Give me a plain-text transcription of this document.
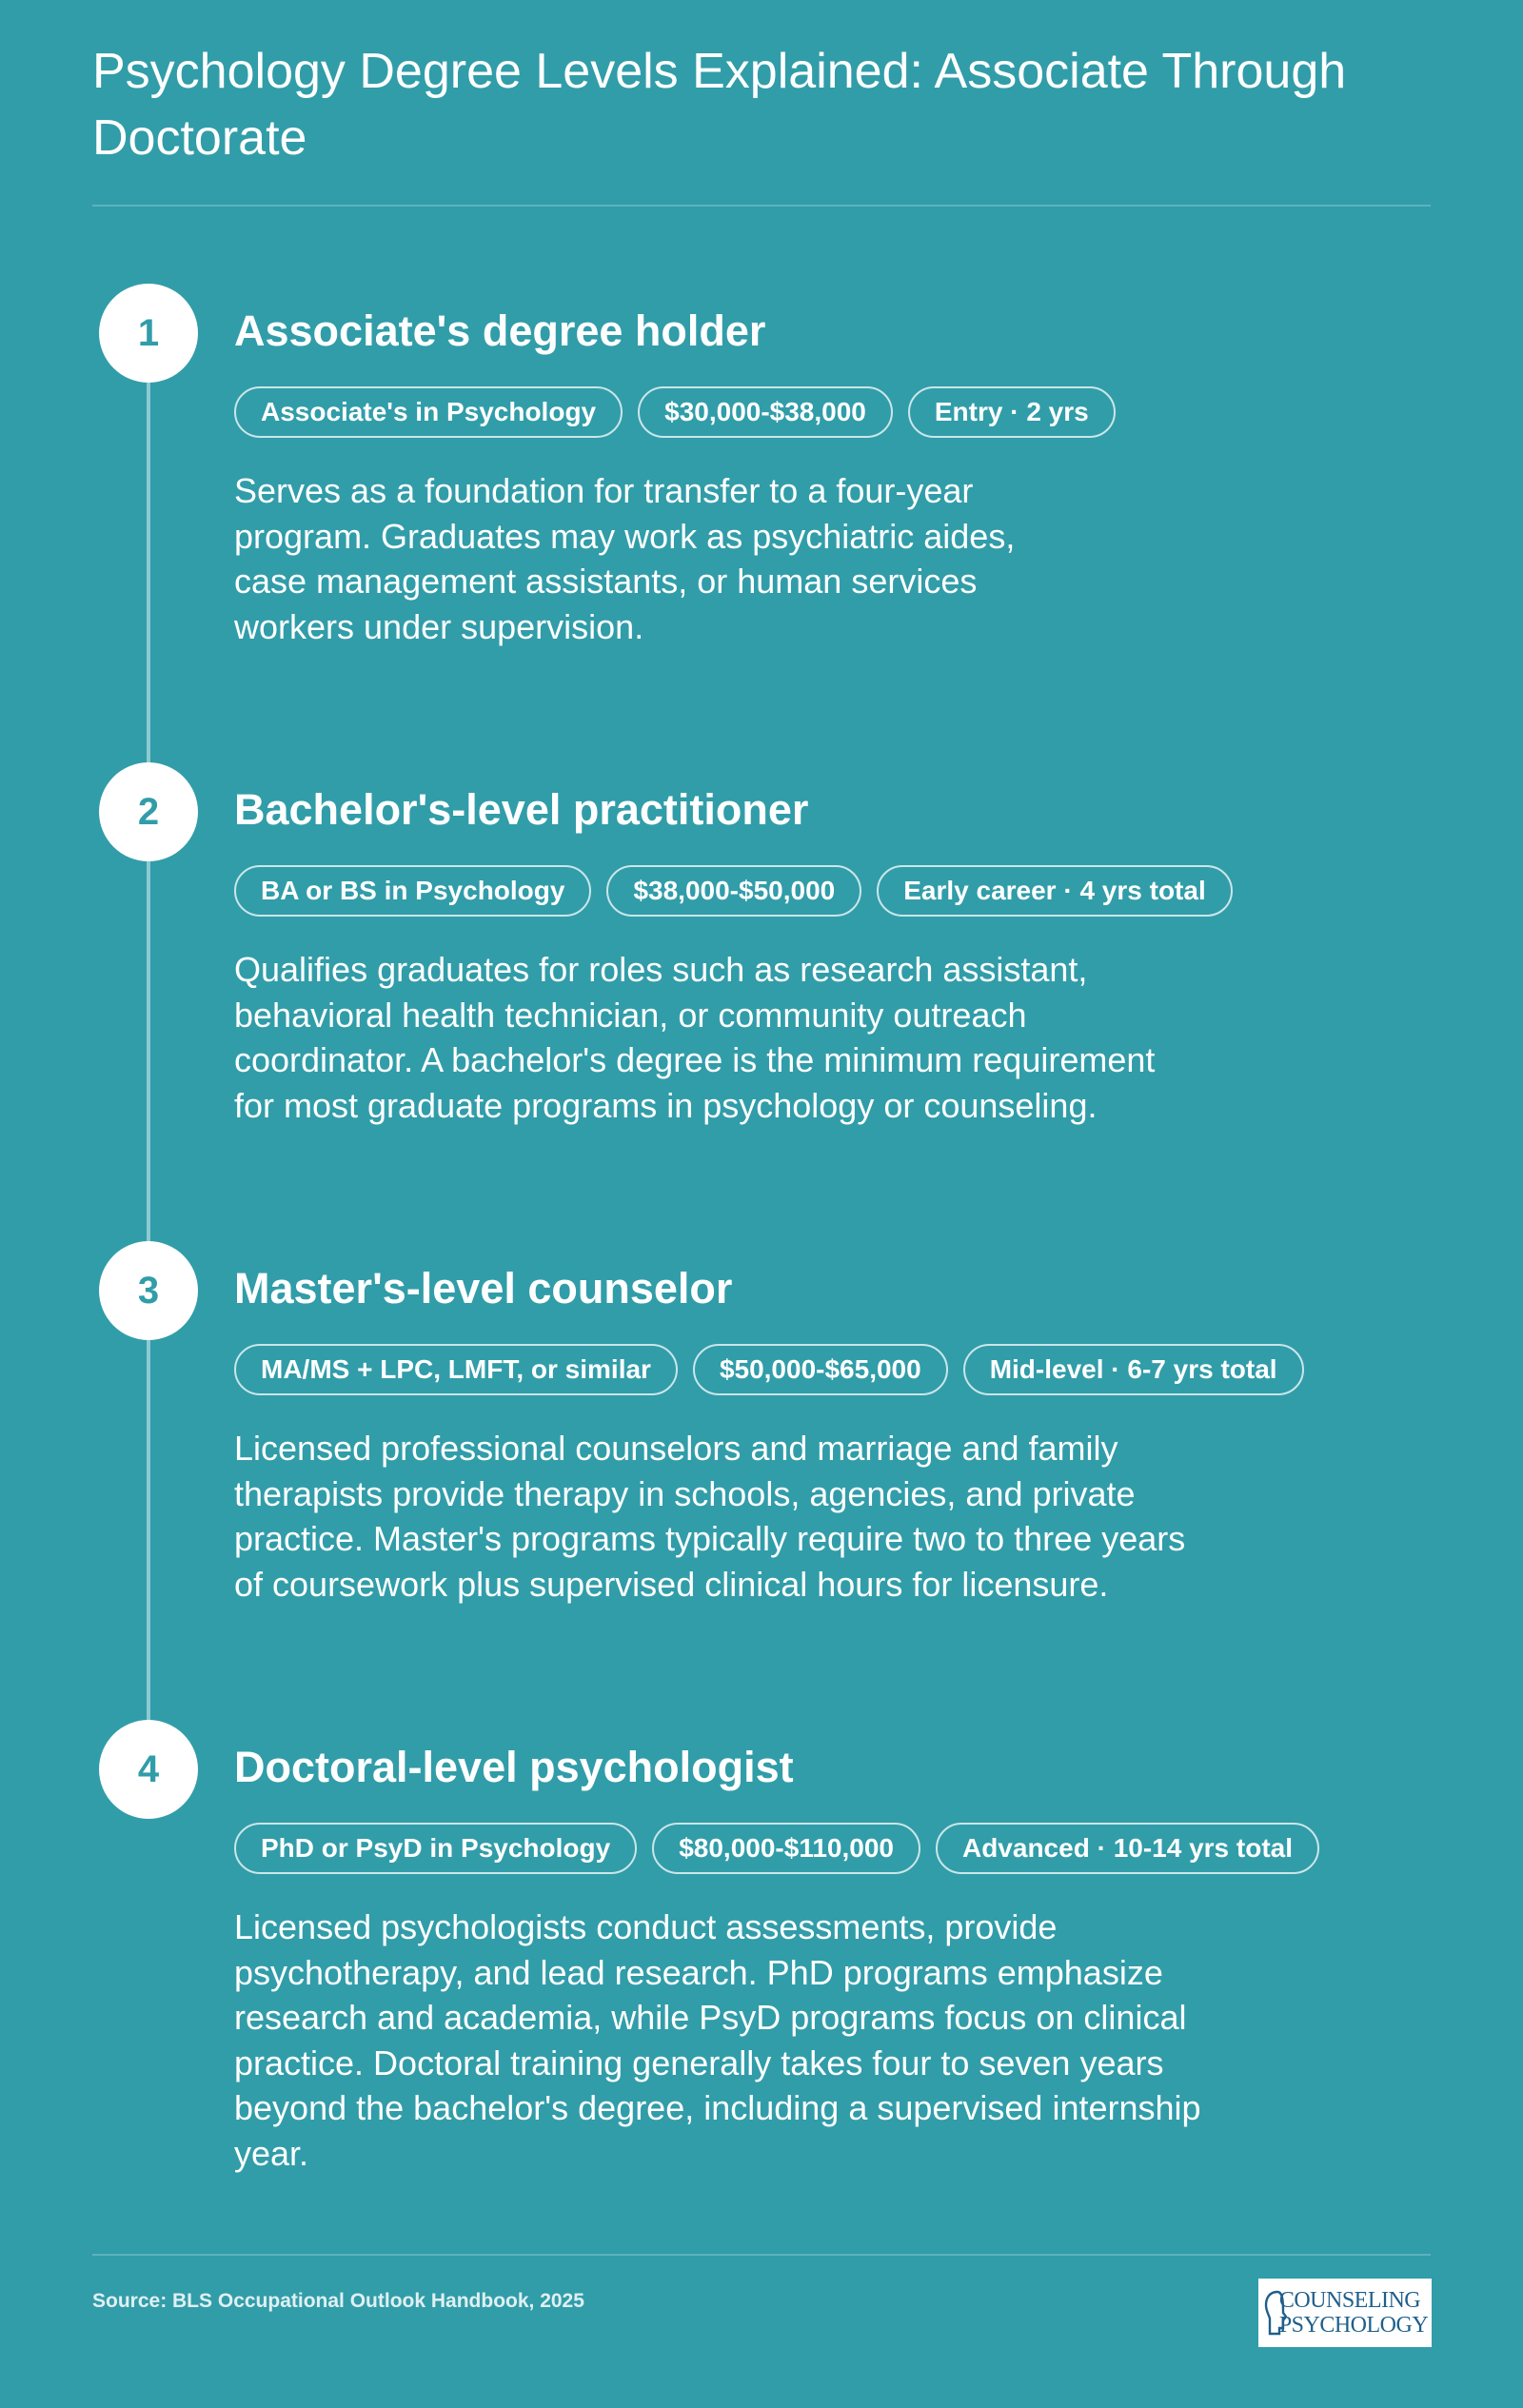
Psychology Degree Levels Explained: Associate Through Doctorate
1	Associate's degree holder
Associate's in Psychology	$30,000-$38,000	Entry · 2 yrs

Serves as a foundation for transfer to a four-year program. Graduates may work as psychiatric aides, case management assistants, or human services workers under supervision.

2	Bachelor's-level practitioner
BA or BS in Psychology	$38,000-$50,000	Early career · 4 yrs total

Qualifies graduates for roles such as research assistant, behavioral health technician, or community outreach coordinator. A bachelor's degree is the minimum requirement for most graduate programs in psychology or counseling.

3	Master's-level counselor
MA/MS + LPC, LMFT, or similar	$50,000-$65,000	Mid-level · 6-7 yrs total

Licensed professional counselors and marriage and family therapists provide therapy in schools, agencies, and private practice. Master's programs typically require two to three years of coursework plus supervised clinical hours for licensure.

4	Doctoral-level psychologist
PhD or PsyD in Psychology	$80,000-$110,000	Advanced · 10-14 yrs total

Licensed psychologists conduct assessments, provide psychotherapy, and lead research. PhD programs emphasize research and academia, while PsyD programs focus on clinical practice. Doctoral training generally takes four to seven years beyond the bachelor's degree, including a supervised internship year.

Source: BLS Occupational Outlook Handbook, 2025	COUNSELING
PSYCHOLOGY
